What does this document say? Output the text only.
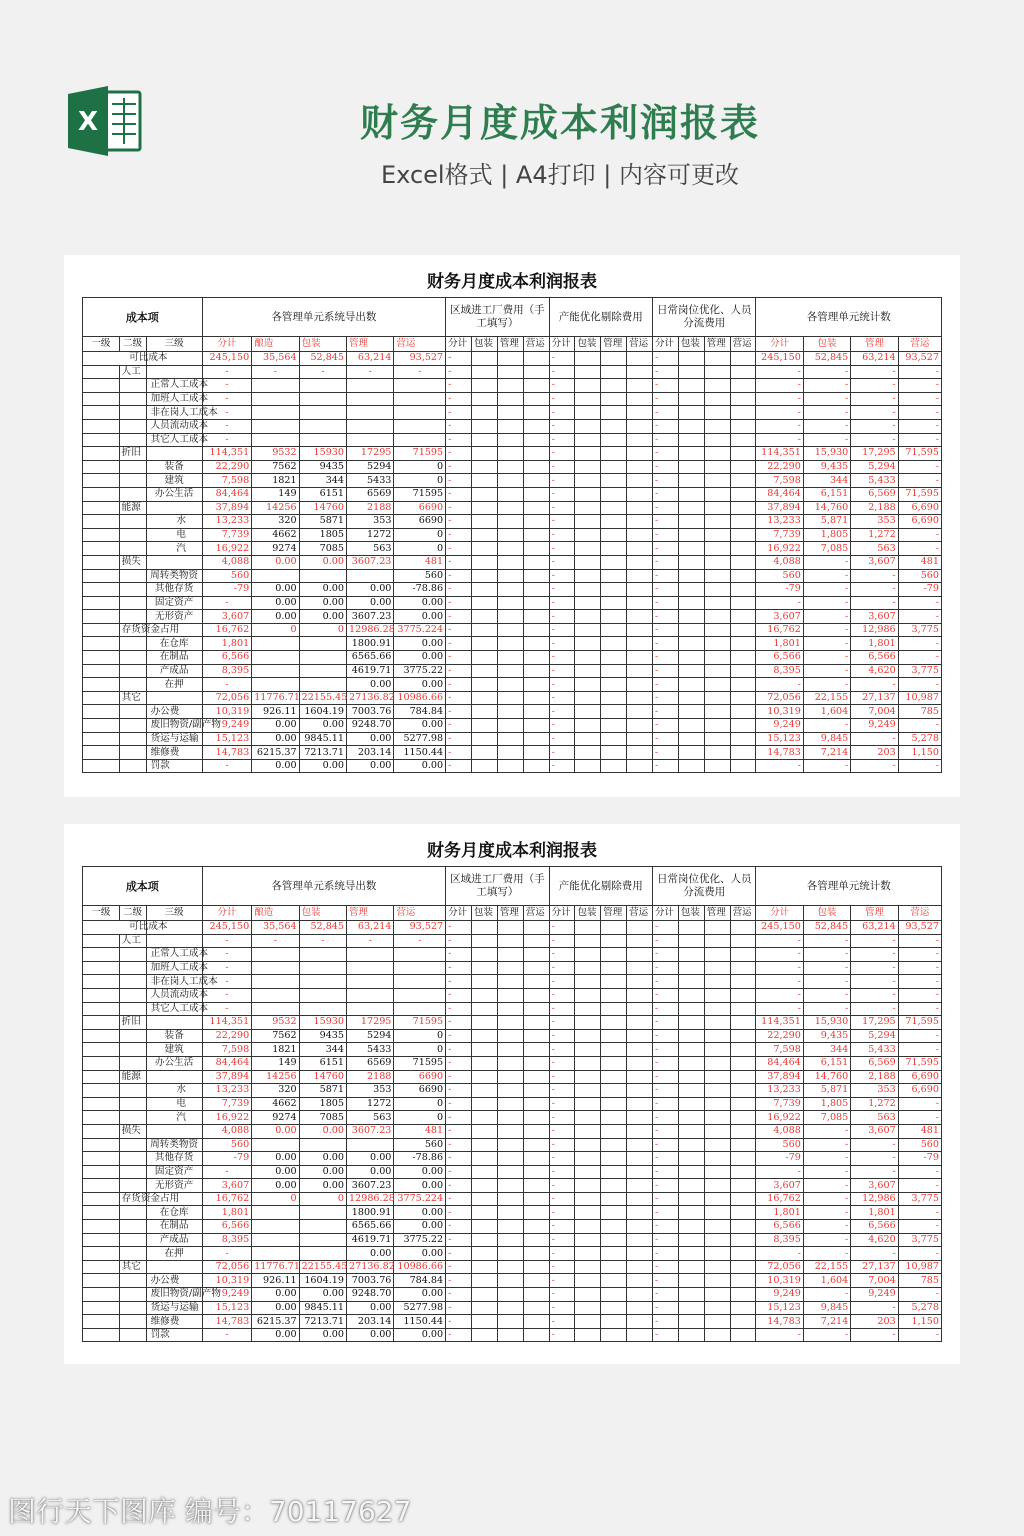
X	财务月度成本利润报表
Excel格式 | A4打印 | 内容可更改
财务月度成本利润报表
成本项			各管理单元系统导出数					区域进工厂费用（手工填写）				产能优化剔除费用				日常岗位优化、人员分流费用				各管理单元统计数			
一级	二级	三级	分计	酿造	包装	管理	营运	分计	包装	管理	营运	分计	包装	管理	营运	分计	包装	管理	营运	分计	包装	管理	营运
	可比成本		245,150	35,564	52,845	63,214	93,527	-				-				-				245,150	52,845	63,214	93,527
	人工		-	-	-	-	-	-				-				-				-	-	-	-
		正常人工成本	-					-				-				-				-	-	-	-
		加班人工成本	-					-				-				-				-	-	-	-
		非在岗人工成本	-					-				-				-				-	-	-	-
		人员流动成本	-					-				-				-				-	-	-	-
		其它人工成本	-					-				-				-				-	-	-	-
	折旧		114,351	9532	15930	17295	71595	-				-				-				114,351	15,930	17,295	71,595

		装备	22,290	7562	9435	5294	0	-				-				-				22,290	9,435	5,294	-

		建筑	7,598	1821	344	5433	0	-				-				-				7,598	344	5,433	-

		办公生活	84,464	149	6151	6569	71595	-				-				-				84,464	6,151	6,569	71,595
	能源		37,894	14256	14760	2188	6690	-				-				-				37,894	14,760	2,188	6,690

		水	13,233	320	5871	353	6690	-				-				-				13,233	5,871	353	6,690

		电	7,739	4662	1805	1272	0	-				-				-				7,739	1,805	1,272	-

		汽	16,922	9274	7085	563	0	-				-				-				16,922	7,085	563	-
	损失		4,088	0.00	0.00	3607.23	481	-				-				-				4,088	-	3,607	481

		周转类物资	560				560	-				-				-				560	-	-	560

		其他存货	-79	0.00	0.00	0.00	-78.86	-				-				-				-79	-	-	-79

		固定资产	-	0.00	0.00	0.00	0.00	-				-				-				-	-	-	-

		无形资产	3,607	0.00	0.00	3607.23	0.00	-				-				-				3,607	-	3,607	-
	存货资金占用		16,762	0	0	12986.28	3775.224	-				-				-				16,762	-	12,986	3,775

		在仓库	1,801			1800.91	0.00	-				-				-				1,801	-	1,801	-

		在制品	6,566			6565.66	0.00	-				-				-				6,566	-	6,566	-

		产成品	8,395			4619.71	3775.22	-				-				-				8,395	-	4,620	3,775

		在押	-			0.00	0.00	-				-				-				-	-	-	-
	其它		72,056	11776.71	22155.45	27136.82	10986.66	-				-				-				72,056	22,155	27,137	10,987
		办公费	10,319	926.11	1604.19	7003.76	784.84	-				-				-				10,319	1,604	7,004	785
		废旧物资/副产物	9,249	0.00	0.00	9248.70	0.00	-				-				-				9,249	-	9,249	-
		货运与运输	15,123	0.00	9845.11	0.00	5277.98	-				-				-				15,123	9,845	-	5,278
		维修费	14,783	6215.37	7213.71	203.14	1150.44	-				-				-				14,783	7,214	203	1,150
		罚款	-	0.00	0.00	0.00	0.00	-				-				-				-	-	-	-
财务月度成本利润报表
成本项			各管理单元系统导出数					区域进工厂费用（手工填写）				产能优化剔除费用				日常岗位优化、人员分流费用				各管理单元统计数			
一级	二级	三级	分计	酿造	包装	管理	营运	分计	包装	管理	营运	分计	包装	管理	营运	分计	包装	管理	营运	分计	包装	管理	营运
	可比成本		245,150	35,564	52,845	63,214	93,527	-				-				-				245,150	52,845	63,214	93,527
	人工		-	-	-	-	-	-				-				-				-	-	-	-
		正常人工成本	-					-				-				-				-	-	-	-
		加班人工成本	-					-				-				-				-	-	-	-
		非在岗人工成本	-					-				-				-				-	-	-	-
		人员流动成本	-					-				-				-				-	-	-	-
		其它人工成本	-					-				-				-				-	-	-	-
	折旧		114,351	9532	15930	17295	71595	-				-				-				114,351	15,930	17,295	71,595

		装备	22,290	7562	9435	5294	0	-				-				-				22,290	9,435	5,294	-

		建筑	7,598	1821	344	5433	0	-				-				-				7,598	344	5,433	-

		办公生活	84,464	149	6151	6569	71595	-				-				-				84,464	6,151	6,569	71,595
	能源		37,894	14256	14760	2188	6690	-				-				-				37,894	14,760	2,188	6,690

		水	13,233	320	5871	353	6690	-				-				-				13,233	5,871	353	6,690

		电	7,739	4662	1805	1272	0	-				-				-				7,739	1,805	1,272	-

		汽	16,922	9274	7085	563	0	-				-				-				16,922	7,085	563	-
	损失		4,088	0.00	0.00	3607.23	481	-				-				-				4,088	-	3,607	481

		周转类物资	560				560	-				-				-				560	-	-	560

		其他存货	-79	0.00	0.00	0.00	-78.86	-				-				-				-79	-	-	-79

		固定资产	-	0.00	0.00	0.00	0.00	-				-				-				-	-	-	-

		无形资产	3,607	0.00	0.00	3607.23	0.00	-				-				-				3,607	-	3,607	-
	存货资金占用		16,762	0	0	12986.28	3775.224	-				-				-				16,762	-	12,986	3,775

		在仓库	1,801			1800.91	0.00	-				-				-				1,801	-	1,801	-

		在制品	6,566			6565.66	0.00	-				-				-				6,566	-	6,566	-

		产成品	8,395			4619.71	3775.22	-				-				-				8,395	-	4,620	3,775

		在押	-			0.00	0.00	-				-				-				-	-	-	-
	其它		72,056	11776.71	22155.45	27136.82	10986.66	-				-				-				72,056	22,155	27,137	10,987
		办公费	10,319	926.11	1604.19	7003.76	784.84	-				-				-				10,319	1,604	7,004	785
		废旧物资/副产物	9,249	0.00	0.00	9248.70	0.00	-				-				-				9,249	-	9,249	-
		货运与运输	15,123	0.00	9845.11	0.00	5277.98	-				-				-				15,123	9,845	-	5,278
		维修费	14,783	6215.37	7213.71	203.14	1150.44	-				-				-				14,783	7,214	203	1,150
		罚款	-	0.00	0.00	0.00	0.00	-				-				-				-	-	-	-
图行天下图库 编号：70117627
